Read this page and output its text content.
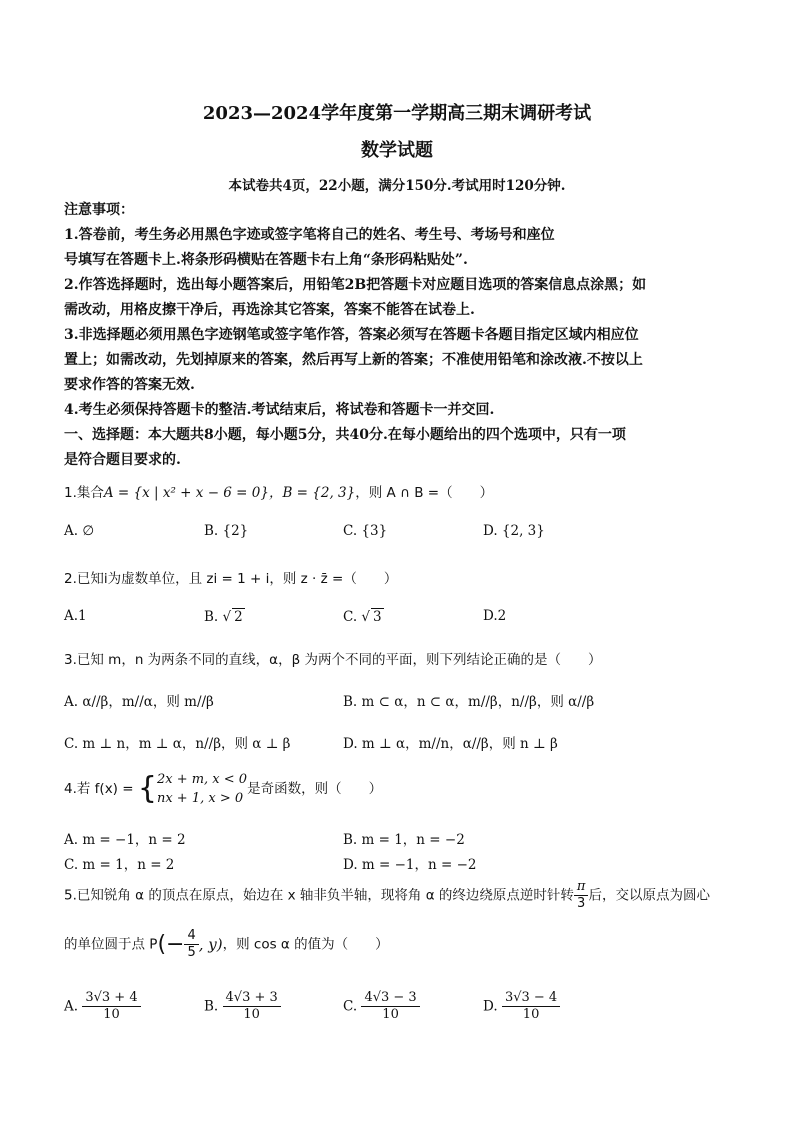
2023—2024学年度第一学期高三期末调研考试
数学试题
本试卷共4页，22小题，满分150分.考试用时120分钟.
注意事项：
1.答卷前，考生务必用黑色字迹或签字笔将自己的姓名、考生号、考场号和座位
号填写在答题卡上.将条形码横贴在答题卡右上角“条形码粘贴处”.
2.作答选择题时，选出每小题答案后，用铅笔2B把答题卡对应题目选项的答案信息点涂黑；如
需改动，用格皮擦干净后，再选涂其它答案，答案不能答在试卷上.
3.非选择题必须用黑色字迹钢笔或签字笔作答，答案必须写在答题卡各题目指定区域内相应位
置上；如需改动，先划掉原来的答案，然后再写上新的答案；不准使用铅笔和涂改液.不按以上
要求作答的答案无效.
4.考生必须保持答题卡的整洁.考试结束后，将试卷和答题卡一并交回.
一、选择题：本大题共8小题，每小题5分，共40分.在每小题给出的四个选项中，只有一项
是符合题目要求的.
1.集合A = {x | x² + x − 6 = 0}，B = {2, 3}，则 A ∩ B =（　　）
A. ∅	B. {2}	C. {3}	D. {2, 3}
2.已知i为虚数单位，且 zi = 1 + i，则 z · z̄ =（　　）
A.1	B. √ 2	C. √ 3	D.2
3.已知 m，n 为两条不同的直线，α，β 为两个不同的平面，则下列结论正确的是（　　）
A. α//β，m//α，则 m//β	B. m ⊂ α，n ⊂ α，m//β，n//β，则 α//β
C. m ⊥ n，m ⊥ α，n//β，则 α ⊥ β	D. m ⊥ α，m//n，α//β，则 n ⊥ β
4.若 f(x) = { 2x + m, x < 0
nx + 1, x > 0
是奇函数，则（　　）
A. m = −1，n = 2	B. m = 1，n = −2
C. m = 1，n = 2	D. m = −1，n = −2
5.已知锐角 α 的顶点在原点，始边在 x 轴非负半轴，现将角 α 的终边绕原点逆时针转 $\frac{\pi}{3}$ 后，交以原点为圆心
的单位圆于点 $P(- \frac{4}{5}$ , y)，则 cos α 的值为（　　）
A. $\frac{3√3 + 4}{10}$	B. $\frac{4√3 + 3}{10}$	C. $\frac{4√3 - 3}{10}$	D. $\frac{3√3 - 4}{10}$
